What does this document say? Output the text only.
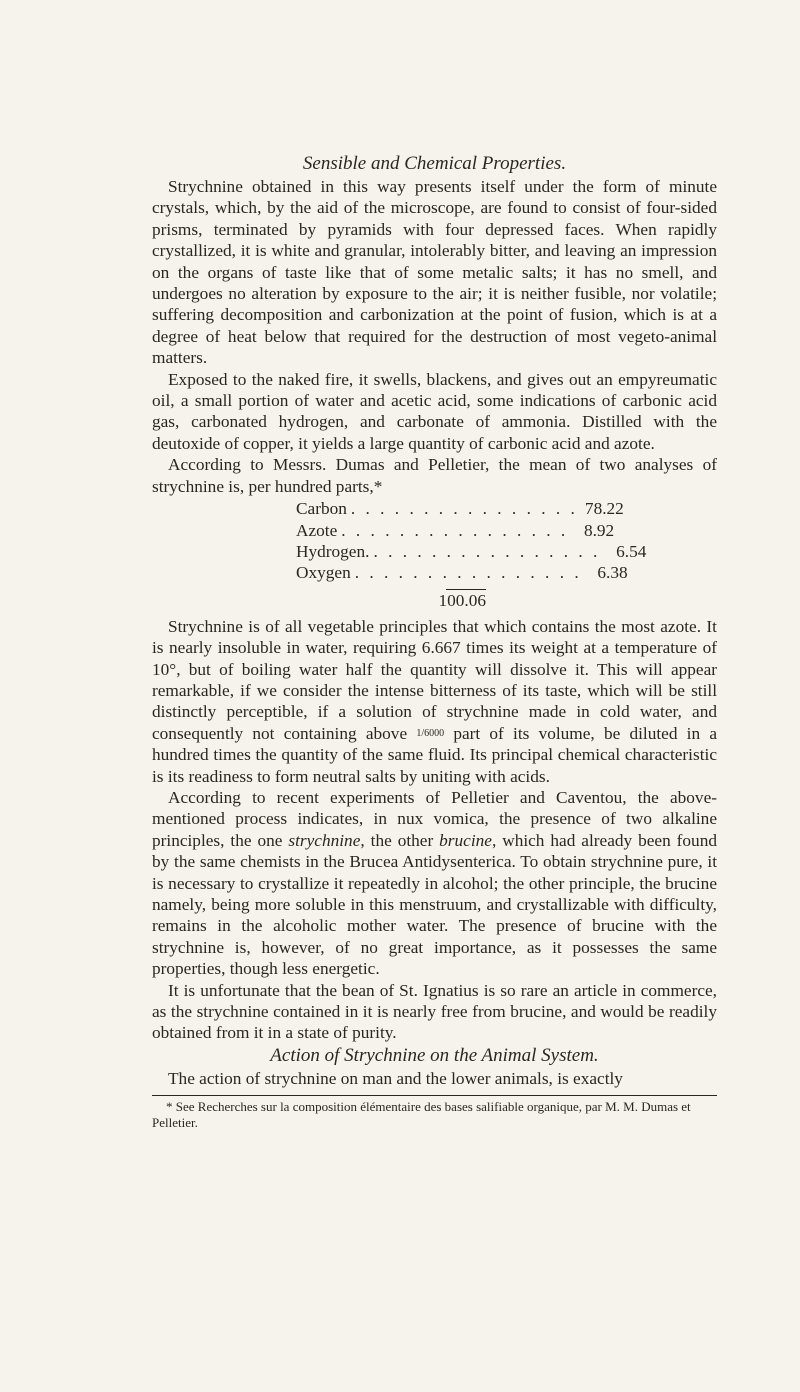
Sensible and Chemical Properties.

Strychnine obtained in this way presents itself under the form of minute crystals, which, by the aid of the microscope, are found to consist of four-sided prisms, terminated by pyramids with four depressed faces. When rapidly crystallized, it is white and granular, intolerably bitter, and leaving an impression on the organs of taste like that of some metalic salts; it has no smell, and undergoes no alteration by exposure to the air; it is neither fusible, nor volatile; suffering decomposition and carbonization at the point of fusion, which is at a degree of heat below that required for the destruction of most vegeto-animal matters.

Exposed to the naked fire, it swells, blackens, and gives out an empyreumatic oil, a small portion of water and acetic acid, some indications of carbonic acid gas, carbonated hydrogen, and carbonate of ammonia. Distilled with the deutoxide of copper, it yields a large quantity of carbonic acid and azote.

According to Messrs. Dumas and Pelletier, the mean of two analyses of strychnine is, per hundred parts,*

Carbon . . . . . . . . . . . . . . . . 78.22
Azote . . . . . . . . . . . . . . . . 8.92
Hydrogen. . . . . . . . . . . . . . . . . 6.54
Oxygen . . . . . . . . . . . . . . . . 6.38
100.06

Strychnine is of all vegetable principles that which contains the most azote. It is nearly insoluble in water, requiring 6.667 times its weight at a temperature of 10°, but of boiling water half the quantity will dissolve it. This will appear remarkable, if we consider the intense bitterness of its taste, which will be still distinctly perceptible, if a solution of strychnine made in cold water, and consequently not containing above 1/6000 part of its volume, be diluted in a hundred times the quantity of the same fluid. Its principal chemical characteristic is its readiness to form neutral salts by uniting with acids.

According to recent experiments of Pelletier and Caventou, the above-mentioned process indicates, in nux vomica, the presence of two alkaline principles, the one strychnine, the other brucine, which had already been found by the same chemists in the Brucea Antidysenterica. To obtain strychnine pure, it is necessary to crystallize it repeatedly in alcohol; the other principle, the brucine namely, being more soluble in this menstruum, and crystallizable with difficulty, remains in the alcoholic mother water. The presence of brucine with the strychnine is, however, of no great importance, as it possesses the same properties, though less energetic.

It is unfortunate that the bean of St. Ignatius is so rare an article in commerce, as the strychnine contained in it is nearly free from brucine, and would be readily obtained from it in a state of purity.

Action of Strychnine on the Animal System.

The action of strychnine on man and the lower animals, is exactly

* See Recherches sur la composition élémentaire des bases salifiable organique, par M. M. Dumas et Pelletier.
